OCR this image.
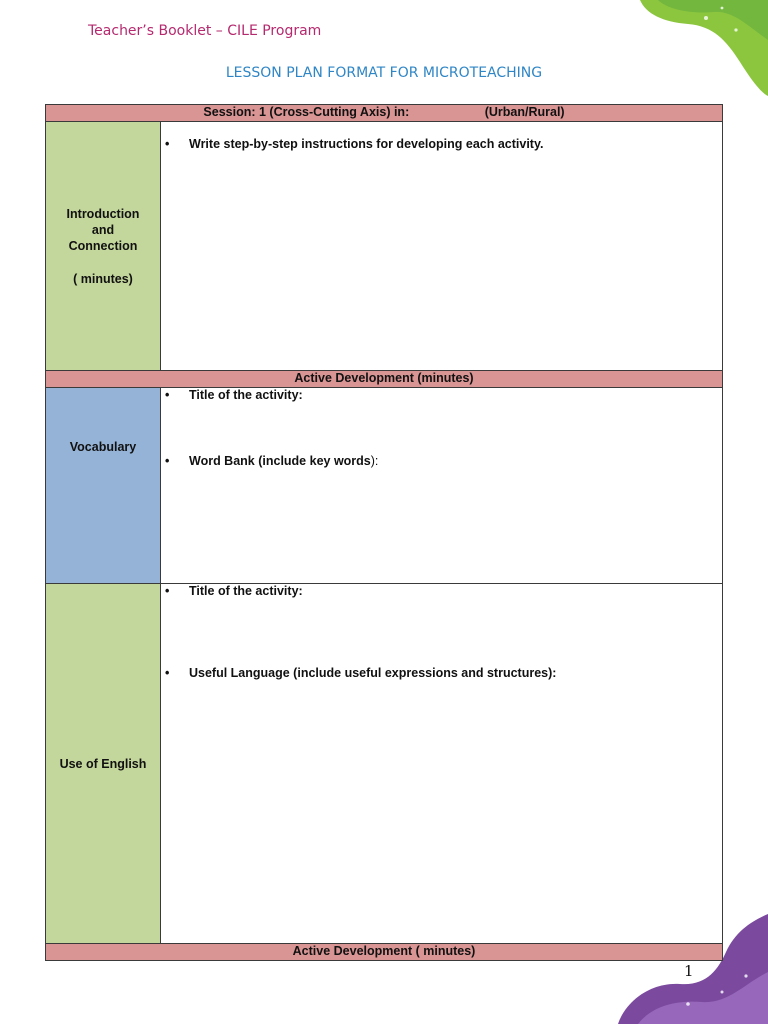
Teacher’s Booklet – CILE Program
LESSON PLAN FORMAT FOR MICROTEACHING
Session: 1 (Cross-Cutting Axis) in: (Urban/Rural)	
Introduction
and
Connection
( minutes)	• Write step-by-step instructions for developing each activity.

Active Development (minutes)	
Vocabulary	• Title of the activity:
• Word Bank (include key words):

Use of English	• Title of the activity:
• Useful Language (include useful expressions and structures):

Active Development ( minutes)	
1
